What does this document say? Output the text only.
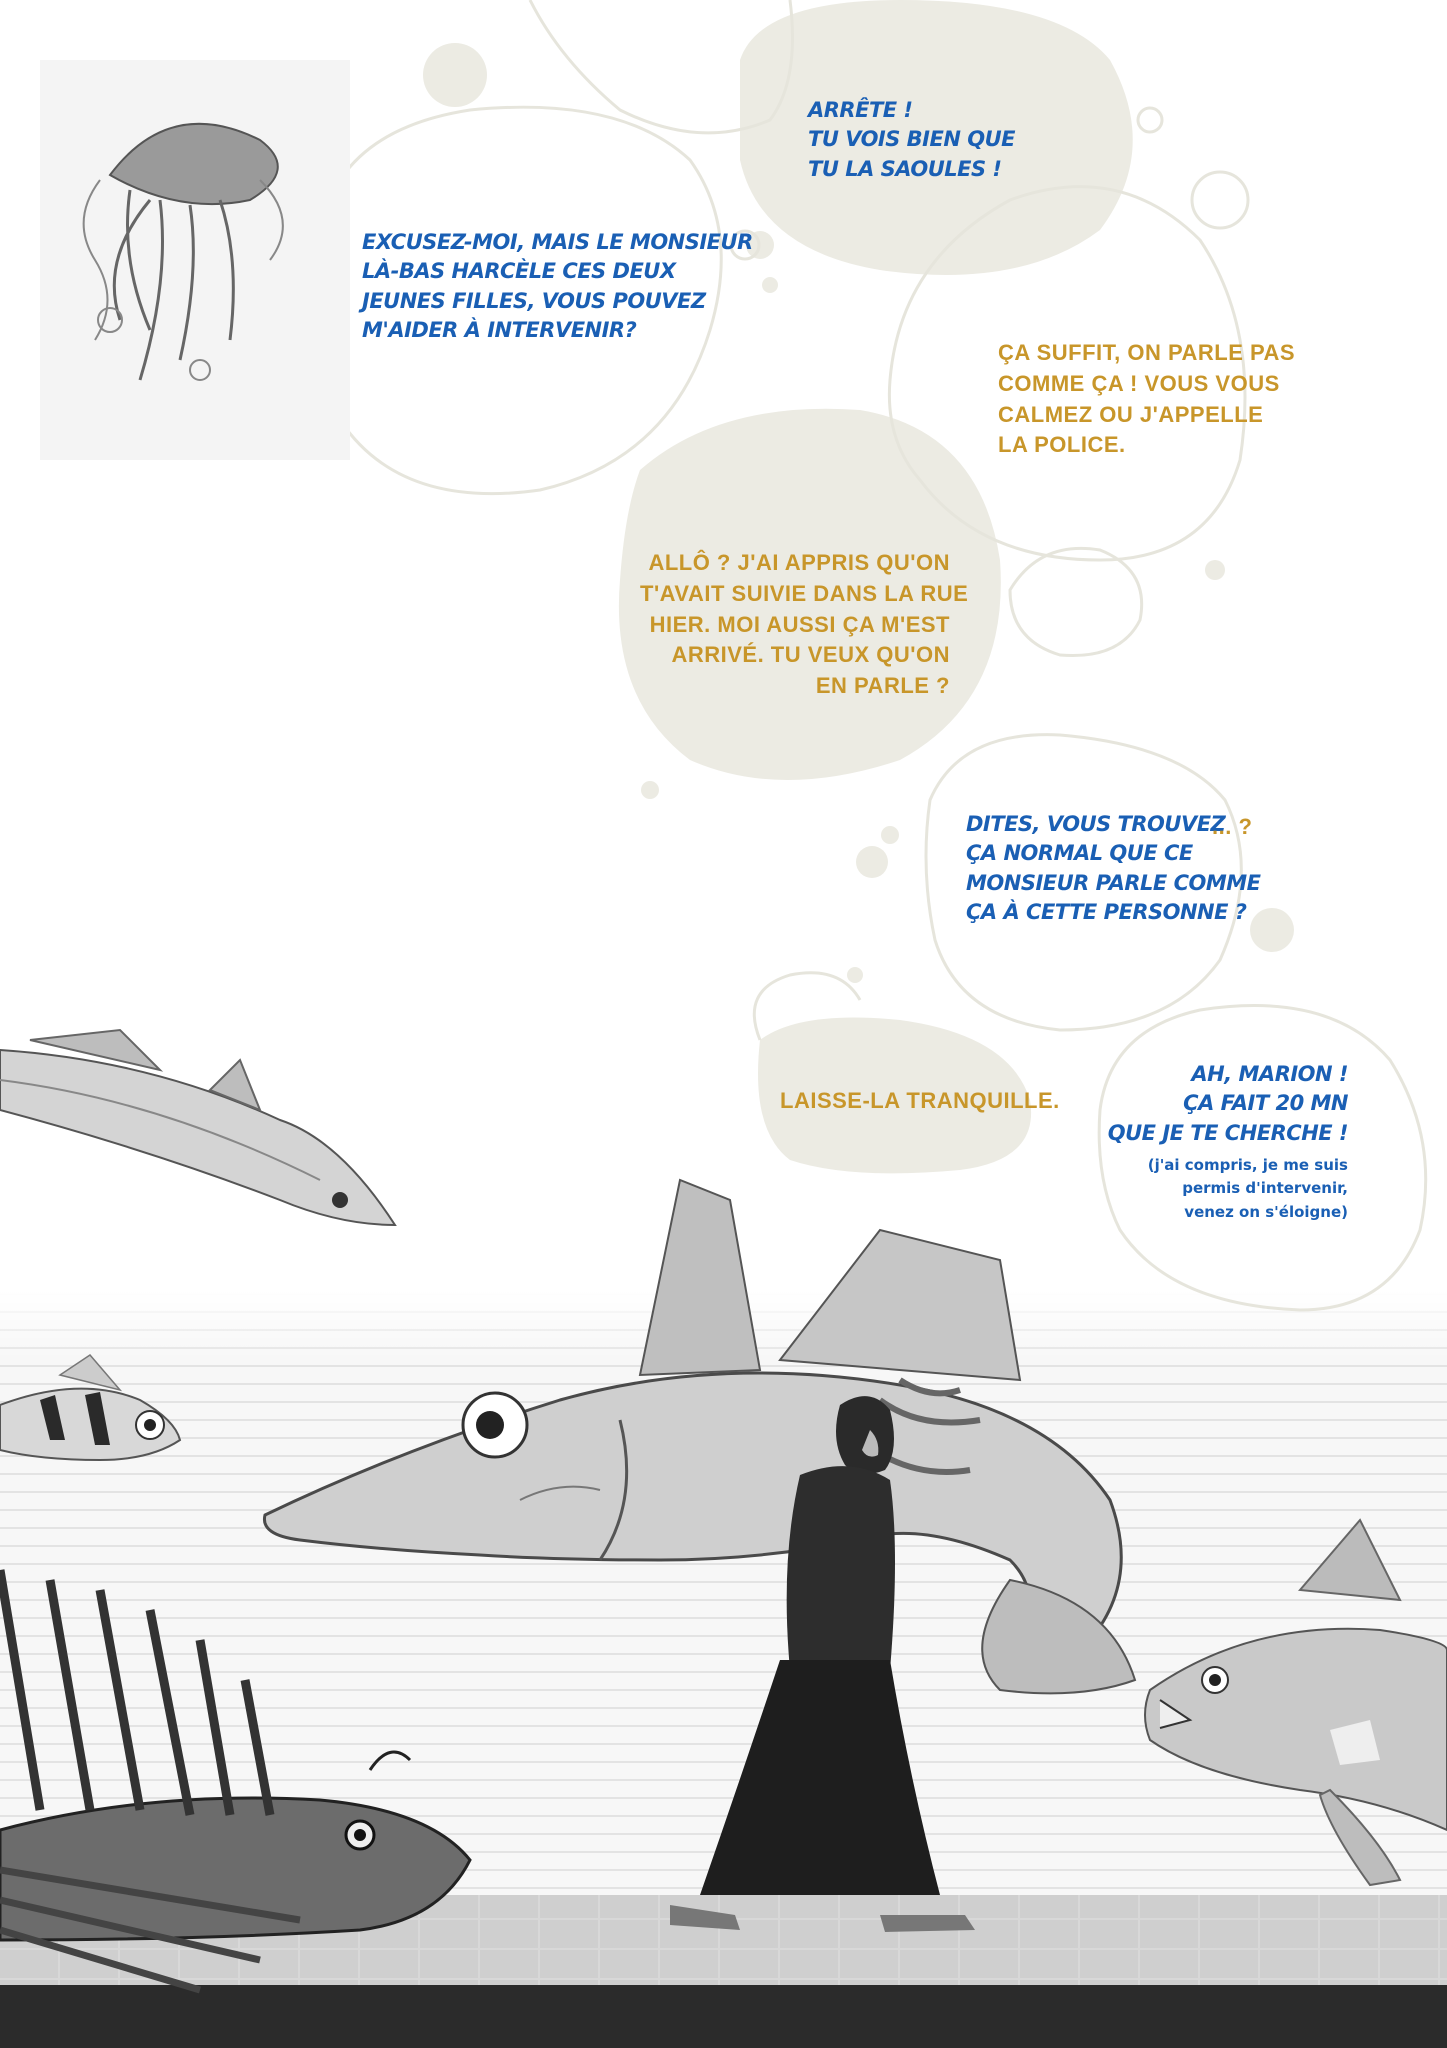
ARRÊTE !
TU VOIS BIEN QUE
TU LA SAOULES !
EXCUSEZ-MOI, MAIS LE MONSIEUR
LÀ-BAS HARCÈLE CES DEUX
JEUNES FILLES, VOUS POUVEZ
M'AIDER À INTERVENIR?
ÇA SUFFIT, ON PARLE PAS
COMME ÇA ! VOUS VOUS
CALMEZ OU J'APPELLE
LA POLICE.
ALLÔ ? J'AI APPRIS QU'ON
T'AVAIT SUIVIE DANS LA RUE
HIER. MOI AUSSI ÇA M'EST
ARRIVÉ. TU VEUX QU'ON
EN PARLE ?
DITES, VOUS TROUVEZ
ÇA NORMAL QUE CE
MONSIEUR PARLE COMME
ÇA À CETTE PERSONNE ?
... ?
LAISSE-LA TRANQUILLE.
AH, MARION !
ÇA FAIT 20 MN
QUE JE TE CHERCHE !
(j'ai compris, je me suis
permis d'intervenir,
venez on s'éloigne)
